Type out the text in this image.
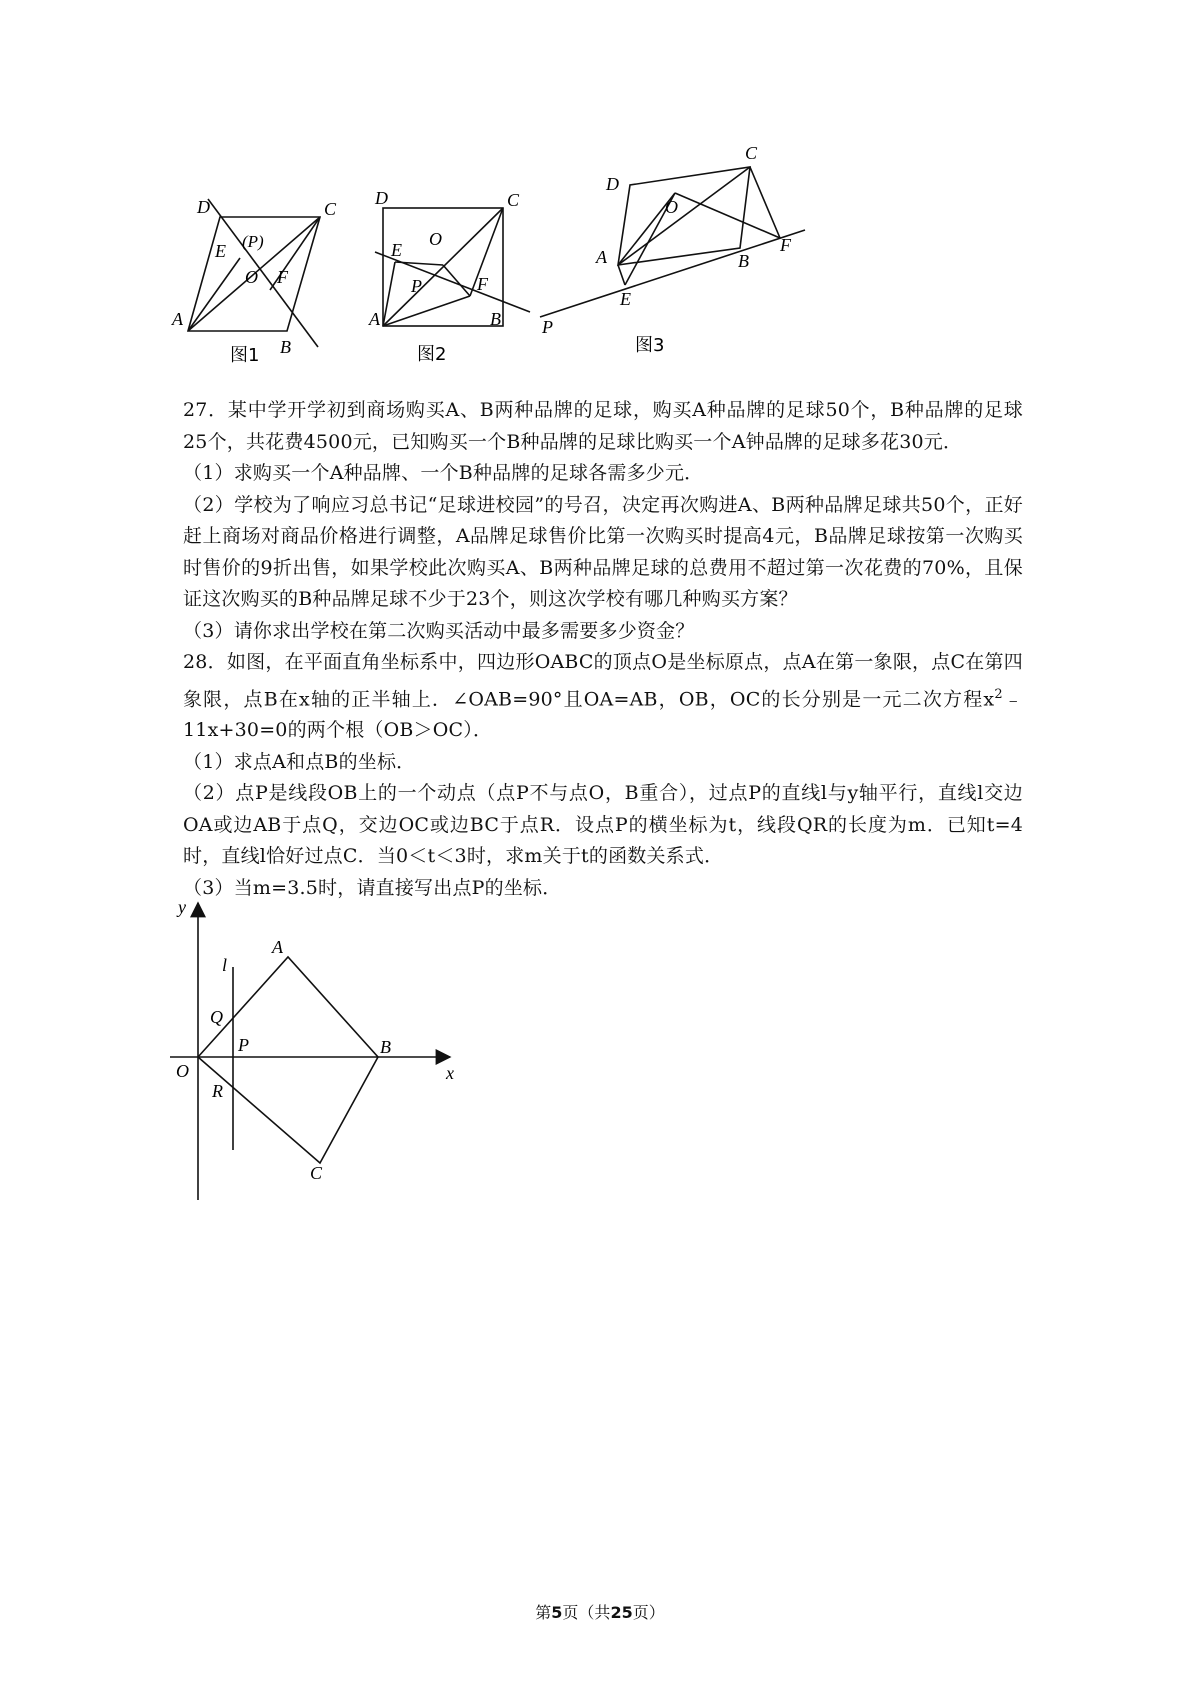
A
B
C
D
E (P)
O F
图1
A	B
C
D
E
O
P	F
图2
A	B
C
D
E
O
P
F
图3

27．某中学开学初到商场购买A、B两种品牌的足球，购买A种品牌的足球50个，B种品牌的足球25个，共花费4500元，已知购买一个B种品牌的足球比购买一个A钟品牌的足球多花30元．

（1）求购买一个A种品牌、一个B种品牌的足球各需多少元．

（2）学校为了响应习总书记“足球进校园”的号召，决定再次购进A、B两种品牌足球共50个，正好赶上商场对商品价格进行调整，A品牌足球售价比第一次购买时提高4元，B品牌足球按第一次购买时售价的9折出售，如果学校此次购买A、B两种品牌足球的总费用不超过第一次花费的70%，且保证这次购买的B种品牌足球不少于23个，则这次学校有哪几种购买方案？

（3）请你求出学校在第二次购买活动中最多需要多少资金？

28．如图，在平面直角坐标系中，四边形OABC的顶点O是坐标原点，点A在第一象限，点C在第四象限，点B在x轴的正半轴上．∠OAB=90°且OA=AB，OB，OC的长分别是一元二次方程$x^2﹣11x+30=0$的两个根（OB＞OC）．

（1）求点A和点B的坐标．

（2）点P是线段OB上的一个动点（点P不与点O，B重合），过点P的直线l与y轴平行，直线l交边OA或边AB于点Q，交边OC或边BC于点R．设点P的横坐标为t，线段QR的长度为m．已知t=4时，直线l恰好过点C．当0＜t＜3时，求m关于t的函数关系式．

（3）当m=3.5时，请直接写出点P的坐标．

y
x
O
A
B
C
l
Q
P
R
第5页（共25页）
